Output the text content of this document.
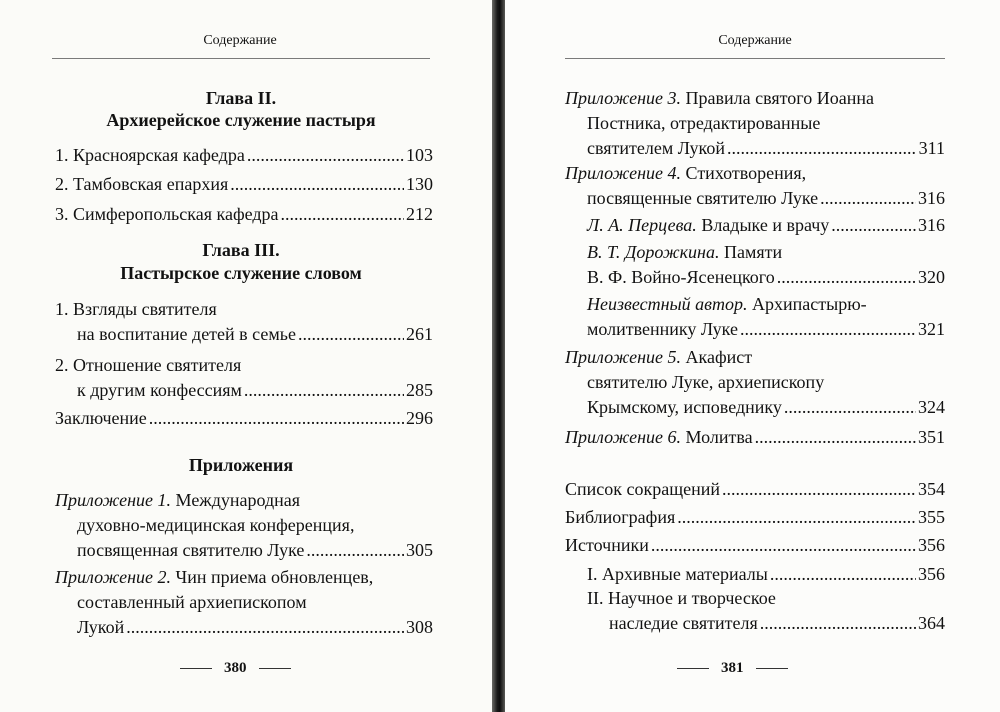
Содержание
Глава II.
Архиерейское служение пастыря
1. Красноярская кафедра .....	103
2. Тамбовская епархия .....	130
3. Симферопольская кафедра .....	212
Глава III.
Пастырское служение словом
1. Взгляды святителя
на воспитание детей в семье .....	261
2. Отношение святителя
к другим конфессиям .....	285
Заключение .....	296
Приложения
Приложение 1. Международная
духовно-медицинская конференция,
посвященная святителю Луке .....	305
Приложение 2. Чин приема обновленцев,
составленный архиепископом
Лукой .....	308
380
Содержание
Приложение 3. Правила святого Иоанна
Постника, отредактированные
святителем Лукой .....	311
Приложение 4. Стихотворения,
посвященные святителю Луке .....	316
Л. А. Перцева. Владыке и врачу .....	316
В. Т. Дорожкина. Памяти
В. Ф. Войно-Ясенецкого .....	320
Неизвестный автор. Архипастырю-
молитвеннику Луке .....	321
Приложение 5. Акафист
святителю Луке, архиепископу
Крымскому, исповеднику .....	324
Приложение 6. Молитва .....	351
Список сокращений .....	354
Библиография .....	355
Источники .....	356
I. Архивные материалы .....	356
II. Научное и творческое
наследие святителя .....	364
381
